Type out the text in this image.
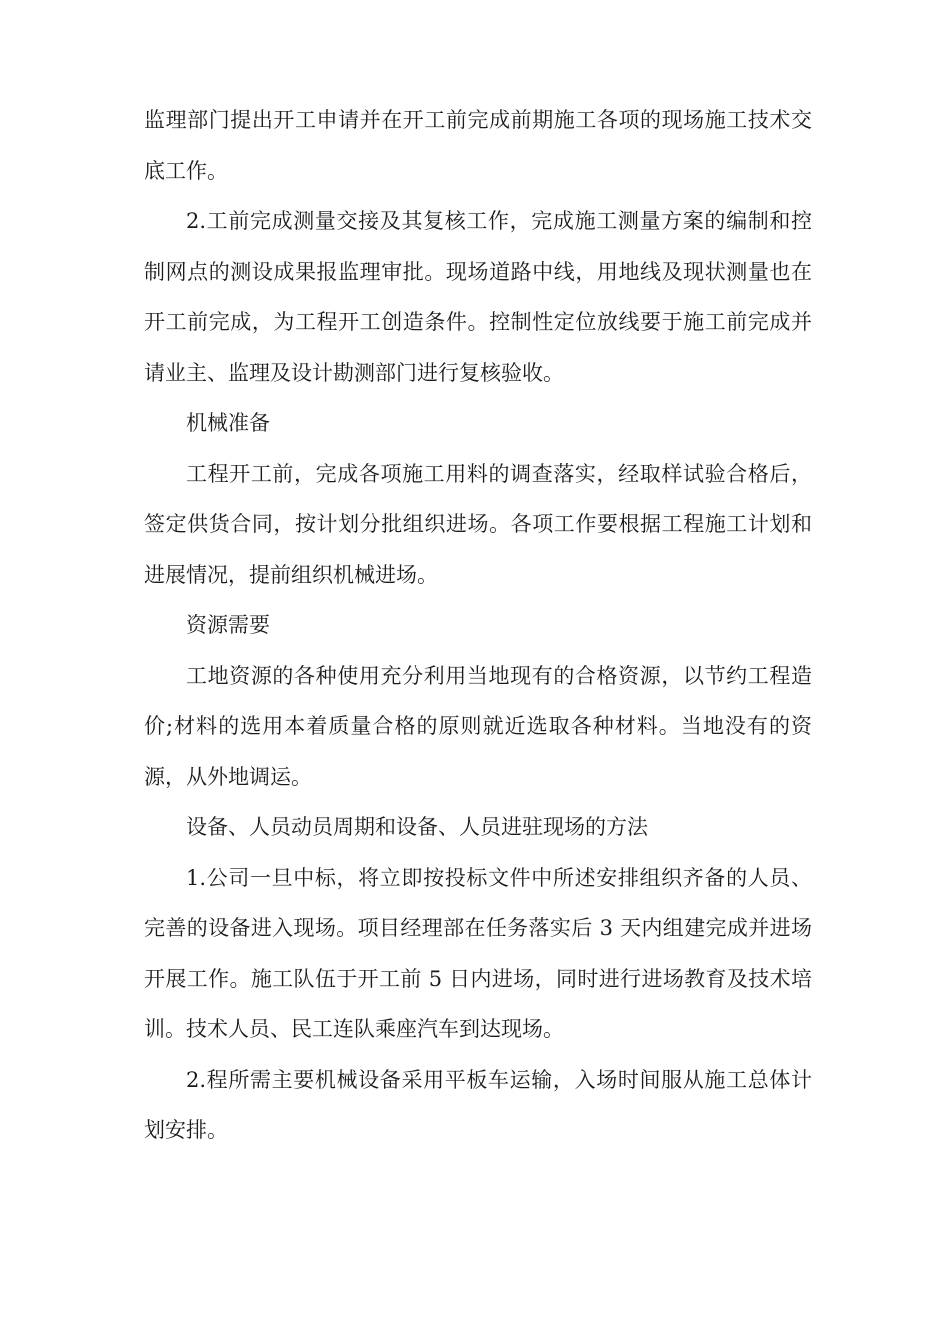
监理部门提出开工申请并在开工前完成前期施工各项的现场施工技术交底工作。

2.工前完成测量交接及其复核工作，完成施工测量方案的编制和控制网点的测设成果报监理审批。现场道路中线，用地线及现状测量也在开工前完成，为工程开工创造条件。控制性定位放线要于施工前完成并请业主、监理及设计勘测部门进行复核验收。

机械准备

工程开工前，完成各项施工用料的调查落实，经取样试验合格后，签定供货合同，按计划分批组织进场。各项工作要根据工程施工计划和进展情况，提前组织机械进场。

资源需要

工地资源的各种使用充分利用当地现有的合格资源，以节约工程造价;材料的选用本着质量合格的原则就近选取各种材料。当地没有的资源，从外地调运。

设备、人员动员周期和设备、人员进驻现场的方法

1.公司一旦中标，将立即按投标文件中所述安排组织齐备的人员、完善的设备进入现场。项目经理部在任务落实后 3 天内组建完成并进场开展工作。施工队伍于开工前 5 日内进场，同时进行进场教育及技术培训。技术人员、民工连队乘座汽车到达现场。

2.程所需主要机械设备采用平板车运输，入场时间服从施工总体计划安排。
